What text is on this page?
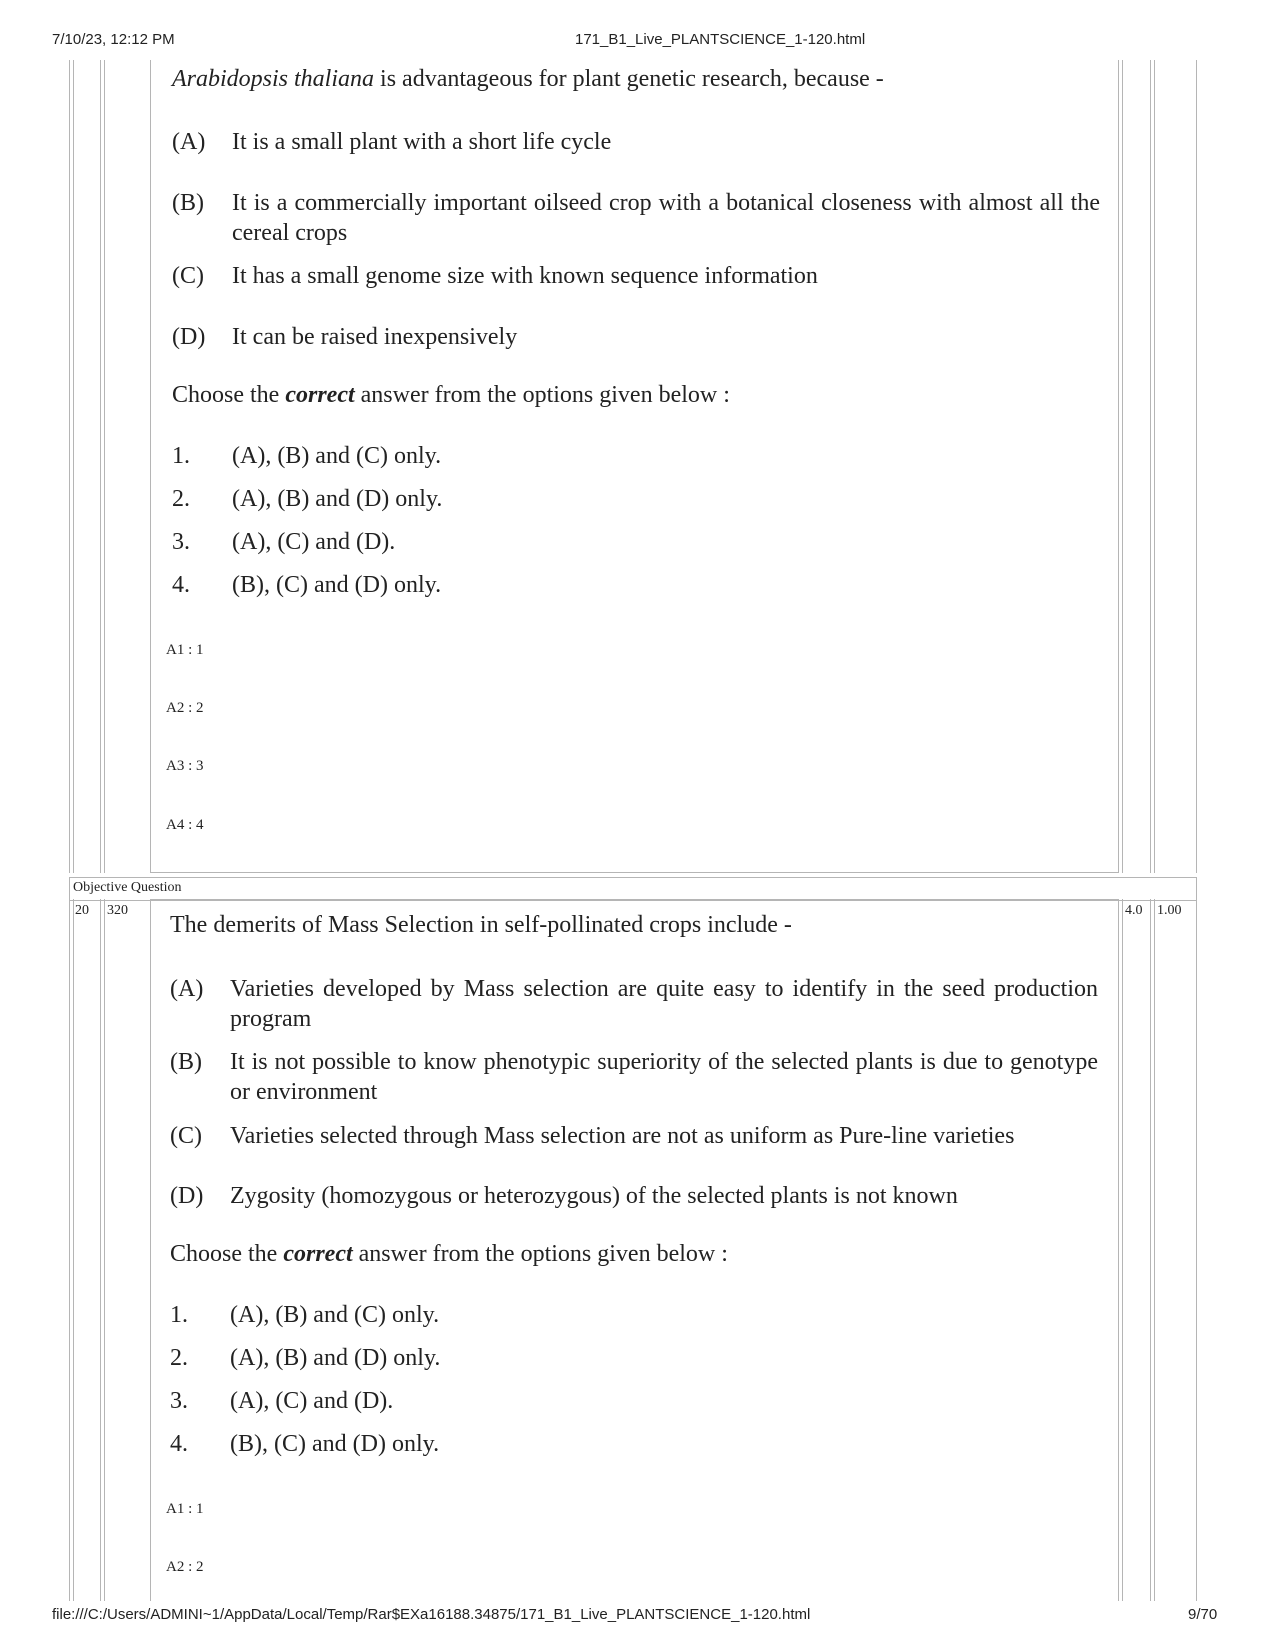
7/10/23, 12:12 PM	171_B1_Live_PLANTSCIENCE_1-120.html
file:///C:/Users/ADMINI~1/AppData/Local/Temp/Rar$EXa16188.34875/171_B1_Live_PLANTSCIENCE_1-120.html	9/70
Arabidopsis thaliana is advantageous for plant genetic research, because -
(A) It is a small plant with a short life cycle
(B) It is a commercially important oilseed crop with a botanical closeness with almost all the cereal crops
(C) It has a small genome size with known sequence information
(D) It can be raised inexpensively
Choose the correct answer from the options given below :
1. (A), (B) and (C) only.
2. (A), (B) and (D) only.
3. (A), (C) and (D).
4. (B), (C) and (D) only.
A1 : 1
A2 : 2
A3 : 3
A4 : 4
Objective Question
20 320	4.0 1.00
The demerits of Mass Selection in self-pollinated crops include -
(A) Varieties developed by Mass selection are quite easy to identify in the seed production program
(B) It is not possible to know phenotypic superiority of the selected plants is due to genotype or environment
(C) Varieties selected through Mass selection are not as uniform as Pure-line varieties
(D) Zygosity (homozygous or heterozygous) of the selected plants is not known
Choose the correct answer from the options given below :
1. (A), (B) and (C) only.
2. (A), (B) and (D) only.
3. (A), (C) and (D).
4. (B), (C) and (D) only.
A1 : 1
A2 : 2
